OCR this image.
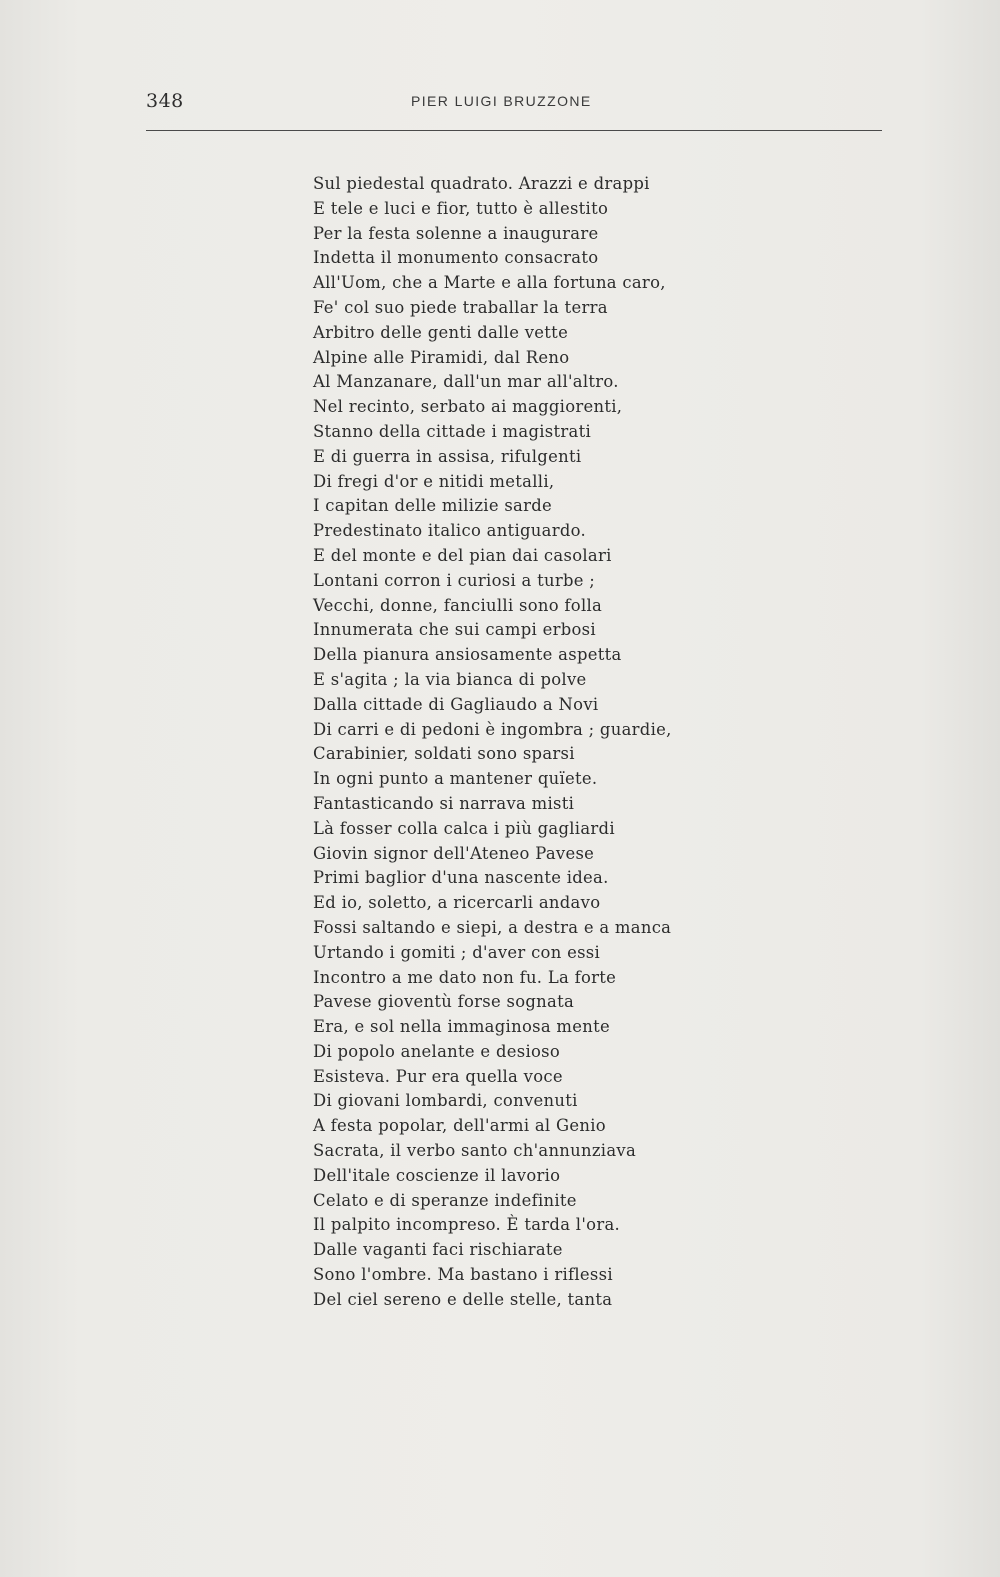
348	PIER LUIGI BRUZZONE
Sul piedestal quadrato. Arazzi e drappi
E tele e luci e fior, tutto è allestito
Per la festa solenne a inaugurare
Indetta il monumento consacrato
All'Uom, che a Marte e alla fortuna caro,
Fe' col suo piede traballar la terra
Arbitro delle genti dalle vette
Alpine alle Piramidi, dal Reno
Al Manzanare, dall'un mar all'altro.
Nel recinto, serbato ai maggiorenti,
Stanno della cittade i magistrati
E di guerra in assisa, rifulgenti
Di fregi d'or e nitidi metalli,
I capitan delle milizie sarde
Predestinato italico antiguardo.
E del monte e del pian dai casolari
Lontani corron i curiosi a turbe ;
Vecchi, donne, fanciulli sono folla
Innumerata che sui campi erbosi
Della pianura ansiosamente aspetta
E s'agita ; la via bianca di polve
Dalla cittade di Gagliaudo a Novi
Di carri e di pedoni è ingombra ; guardie,
Carabinier, soldati sono sparsi
In ogni punto a mantener quïete.
Fantasticando si narrava misti
Là fosser colla calca i più gagliardi
Giovin signor dell'Ateneo Pavese
Primi baglior d'una nascente idea.
Ed io, soletto, a ricercarli andavo
Fossi saltando e siepi, a destra e a manca
Urtando i gomiti ; d'aver con essi
Incontro a me dato non fu. La forte
Pavese gioventù forse sognata
Era, e sol nella immaginosa mente
Di popolo anelante e desioso
Esisteva. Pur era quella voce
Di giovani lombardi, convenuti
A festa popolar, dell'armi al Genio
Sacrata, il verbo santo ch'annunziava
Dell'itale coscienze il lavorio
Celato e di speranze indefinite
Il palpito incompreso. È tarda l'ora.
Dalle vaganti faci rischiarate
Sono l'ombre. Ma bastano i riflessi
Del ciel sereno e delle stelle, tanta
